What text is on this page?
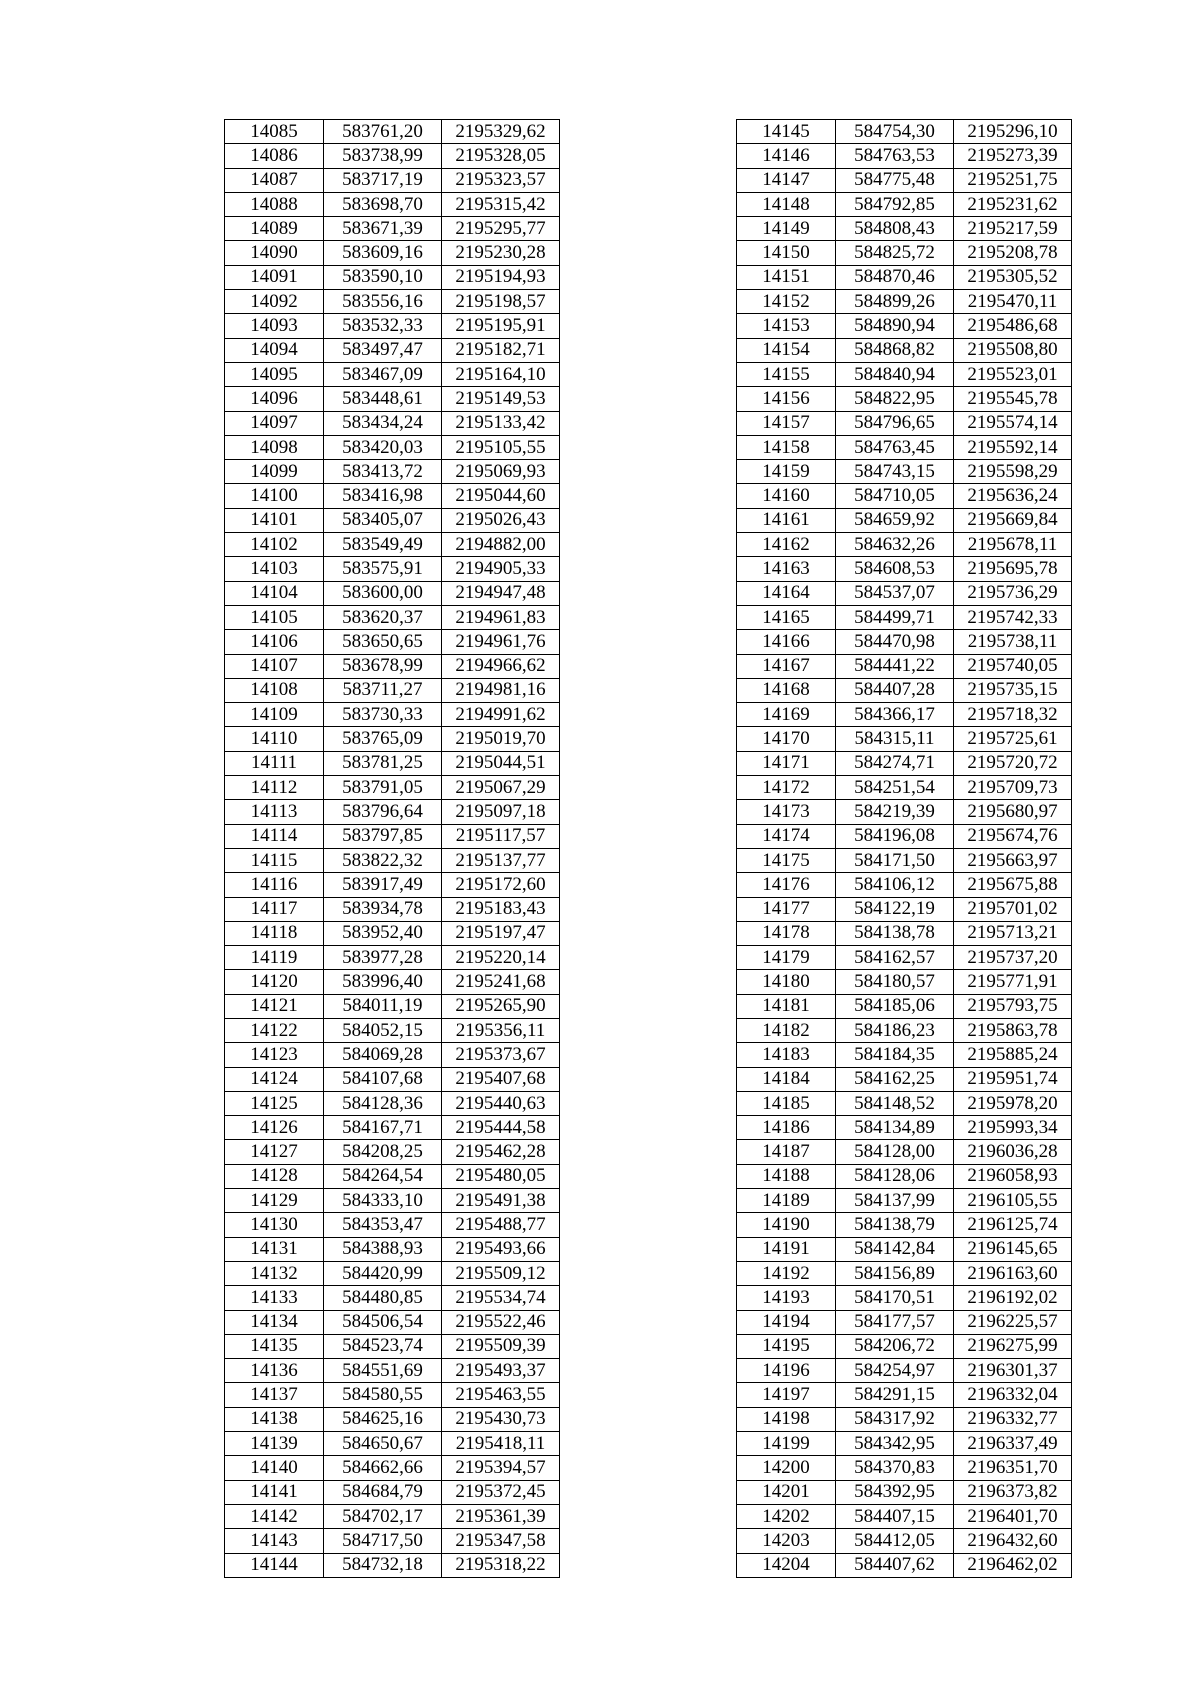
14085	583761,20	2195329,62
14086	583738,99	2195328,05
14087	583717,19	2195323,57
14088	583698,70	2195315,42
14089	583671,39	2195295,77
14090	583609,16	2195230,28
14091	583590,10	2195194,93
14092	583556,16	2195198,57
14093	583532,33	2195195,91
14094	583497,47	2195182,71
14095	583467,09	2195164,10
14096	583448,61	2195149,53
14097	583434,24	2195133,42
14098	583420,03	2195105,55
14099	583413,72	2195069,93
14100	583416,98	2195044,60
14101	583405,07	2195026,43
14102	583549,49	2194882,00
14103	583575,91	2194905,33
14104	583600,00	2194947,48
14105	583620,37	2194961,83
14106	583650,65	2194961,76
14107	583678,99	2194966,62
14108	583711,27	2194981,16
14109	583730,33	2194991,62
14110	583765,09	2195019,70
14111	583781,25	2195044,51
14112	583791,05	2195067,29
14113	583796,64	2195097,18
14114	583797,85	2195117,57
14115	583822,32	2195137,77
14116	583917,49	2195172,60
14117	583934,78	2195183,43
14118	583952,40	2195197,47
14119	583977,28	2195220,14
14120	583996,40	2195241,68
14121	584011,19	2195265,90
14122	584052,15	2195356,11
14123	584069,28	2195373,67
14124	584107,68	2195407,68
14125	584128,36	2195440,63
14126	584167,71	2195444,58
14127	584208,25	2195462,28
14128	584264,54	2195480,05
14129	584333,10	2195491,38
14130	584353,47	2195488,77
14131	584388,93	2195493,66
14132	584420,99	2195509,12
14133	584480,85	2195534,74
14134	584506,54	2195522,46
14135	584523,74	2195509,39
14136	584551,69	2195493,37
14137	584580,55	2195463,55
14138	584625,16	2195430,73
14139	584650,67	2195418,11
14140	584662,66	2195394,57
14141	584684,79	2195372,45
14142	584702,17	2195361,39
14143	584717,50	2195347,58
14144	584732,18	2195318,22
14145	584754,30	2195296,10
14146	584763,53	2195273,39
14147	584775,48	2195251,75
14148	584792,85	2195231,62
14149	584808,43	2195217,59
14150	584825,72	2195208,78
14151	584870,46	2195305,52
14152	584899,26	2195470,11
14153	584890,94	2195486,68
14154	584868,82	2195508,80
14155	584840,94	2195523,01
14156	584822,95	2195545,78
14157	584796,65	2195574,14
14158	584763,45	2195592,14
14159	584743,15	2195598,29
14160	584710,05	2195636,24
14161	584659,92	2195669,84
14162	584632,26	2195678,11
14163	584608,53	2195695,78
14164	584537,07	2195736,29
14165	584499,71	2195742,33
14166	584470,98	2195738,11
14167	584441,22	2195740,05
14168	584407,28	2195735,15
14169	584366,17	2195718,32
14170	584315,11	2195725,61
14171	584274,71	2195720,72
14172	584251,54	2195709,73
14173	584219,39	2195680,97
14174	584196,08	2195674,76
14175	584171,50	2195663,97
14176	584106,12	2195675,88
14177	584122,19	2195701,02
14178	584138,78	2195713,21
14179	584162,57	2195737,20
14180	584180,57	2195771,91
14181	584185,06	2195793,75
14182	584186,23	2195863,78
14183	584184,35	2195885,24
14184	584162,25	2195951,74
14185	584148,52	2195978,20
14186	584134,89	2195993,34
14187	584128,00	2196036,28
14188	584128,06	2196058,93
14189	584137,99	2196105,55
14190	584138,79	2196125,74
14191	584142,84	2196145,65
14192	584156,89	2196163,60
14193	584170,51	2196192,02
14194	584177,57	2196225,57
14195	584206,72	2196275,99
14196	584254,97	2196301,37
14197	584291,15	2196332,04
14198	584317,92	2196332,77
14199	584342,95	2196337,49
14200	584370,83	2196351,70
14201	584392,95	2196373,82
14202	584407,15	2196401,70
14203	584412,05	2196432,60
14204	584407,62	2196462,02
